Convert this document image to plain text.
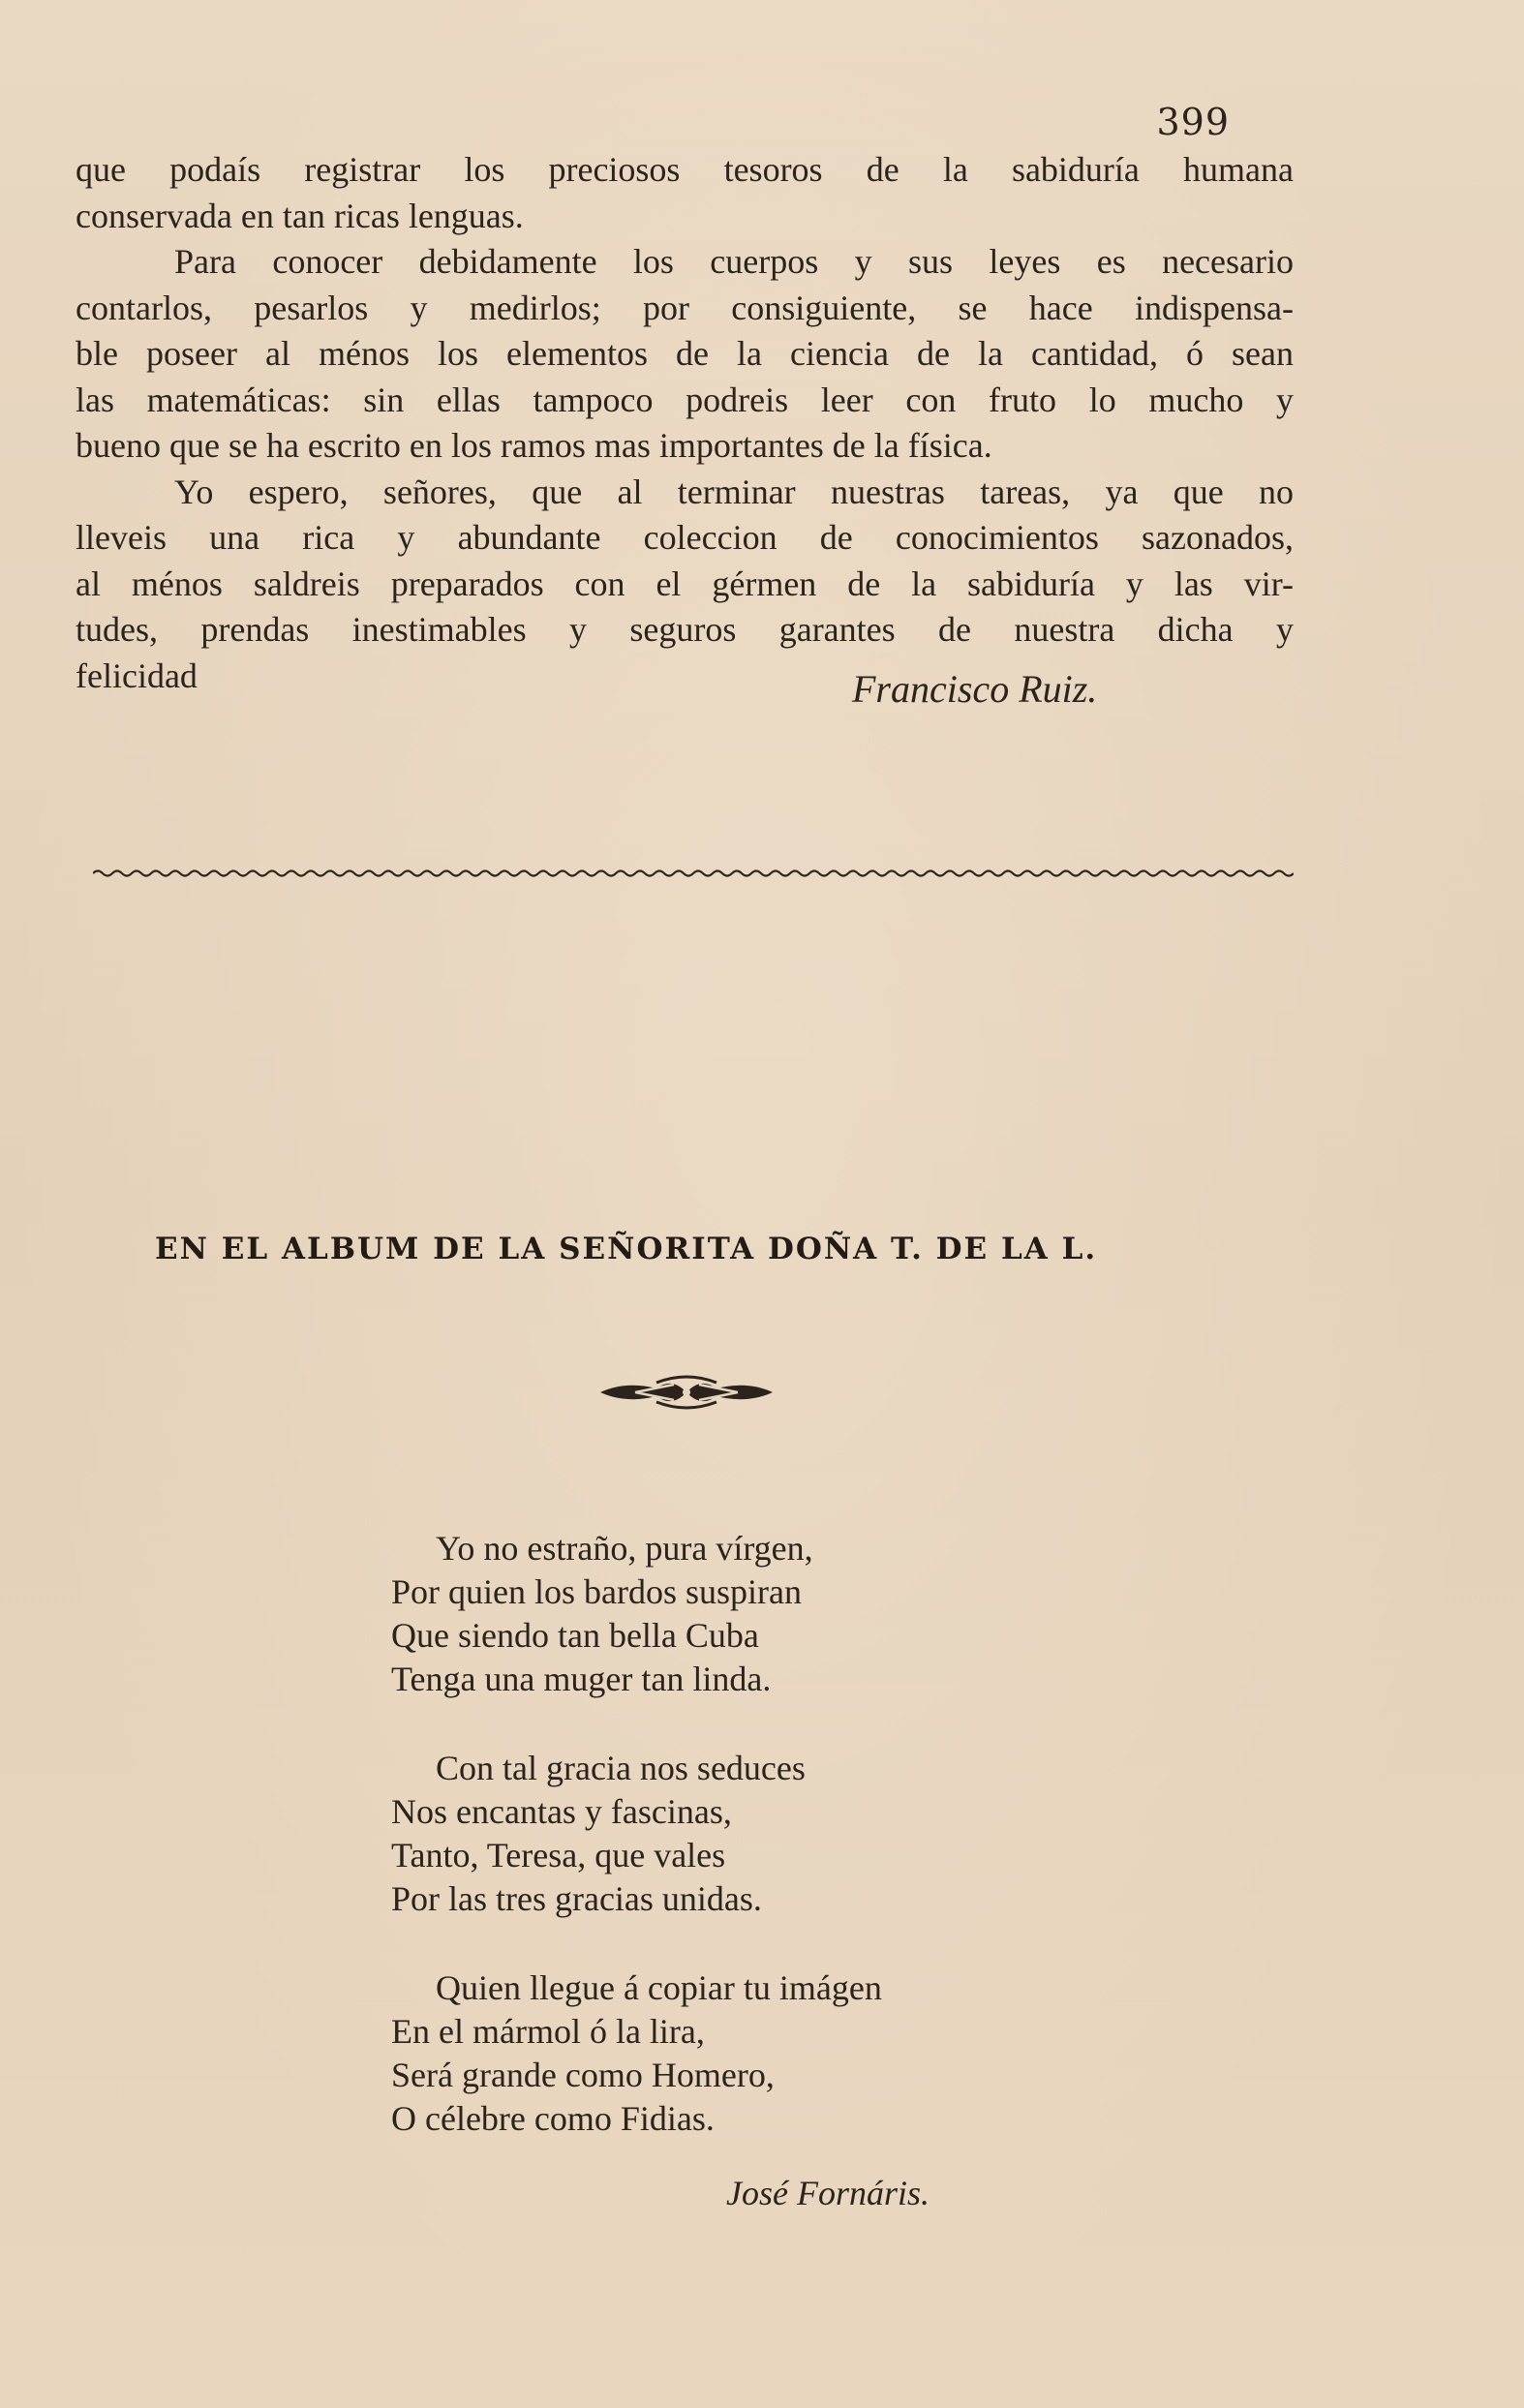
399
que podaís registrar los preciosos tesoros de la sabiduría humana
conservada en tan ricas lenguas.
Para conocer debidamente los cuerpos y sus leyes es necesario
contarlos, pesarlos y medirlos; por consiguiente, se hace indispensa-
ble poseer al ménos los elementos de la ciencia de la cantidad, ó sean
las matemáticas: sin ellas tampoco podreis leer con fruto lo mucho y
bueno que se ha escrito en los ramos mas importantes de la física.
Yo espero, señores, que al terminar nuestras tareas, ya que no
lleveis una rica y abundante coleccion de conocimientos sazonados,
al ménos saldreis preparados con el gérmen de la sabiduría y las vir-
tudes, prendas inestimables y seguros garantes de nuestra dicha y
felicidad	Francisco Ruiz.
EN EL ALBUM DE LA SEÑORITA DOÑA T. DE LA L.
Yo no estraño, pura vírgen,
Por quien los bardos suspiran
Que siendo tan bella Cuba
Tenga una muger tan linda.
Con tal gracia nos seduces
Nos encantas y fascinas,
Tanto, Teresa, que vales
Por las tres gracias unidas.
Quien llegue á copiar tu imágen
En el mármol ó la lira,
Será grande como Homero,
O célebre como Fidias.
José Fornáris.
